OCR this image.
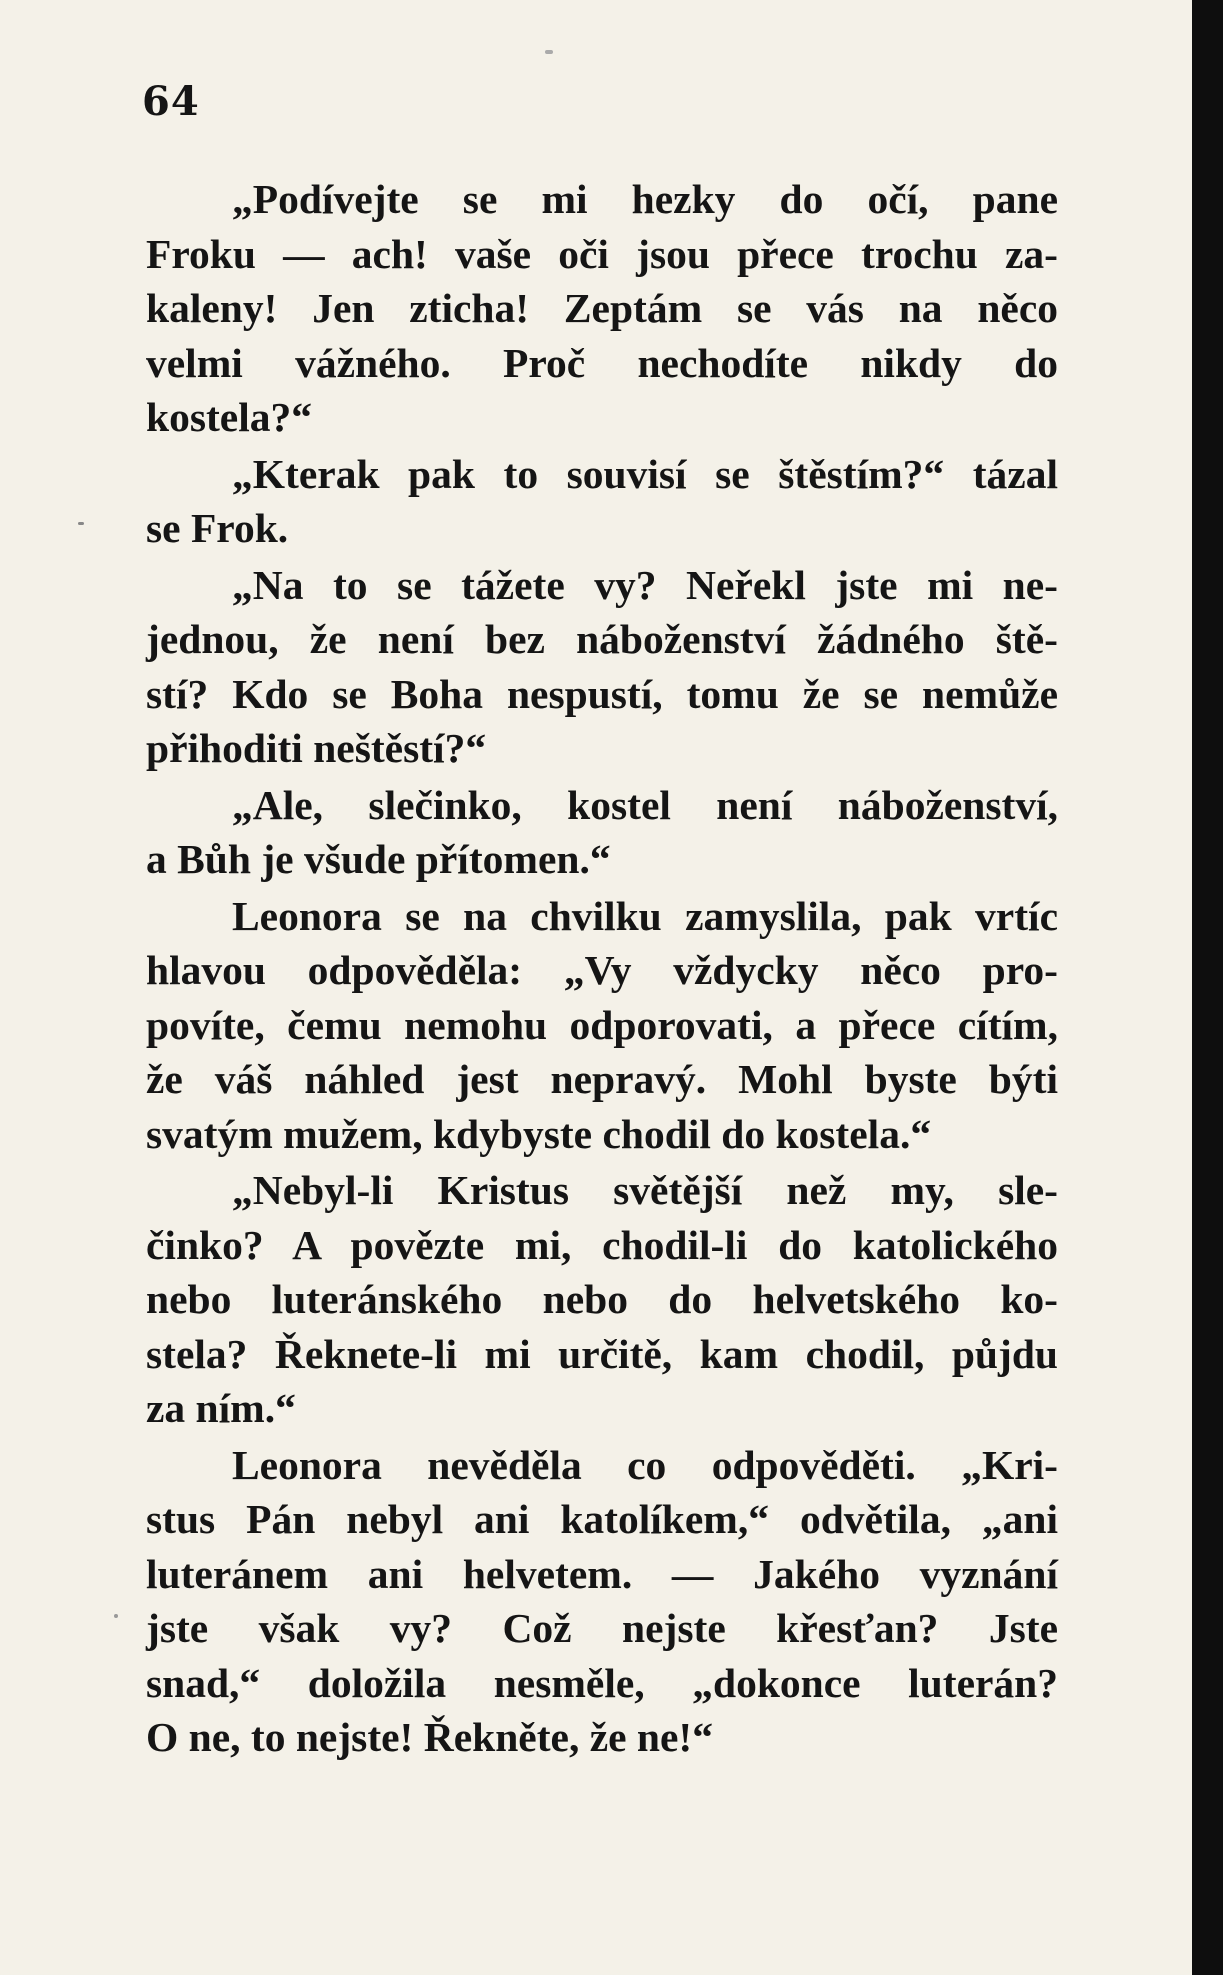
64
„Podívejte se mi hezky do očí, pane
Froku — ach! vaše oči jsou přece trochu za-
kaleny! Jen zticha! Zeptám se vás na něco
velmi vážného. Proč nechodíte nikdy do
kostela?“
„Kterak pak to souvisí se štěstím?“ tázal
se Frok.
„Na to se tážete vy? Neřekl jste mi ne-
jednou, že není bez náboženství žádného ště-
stí? Kdo se Boha nespustí, tomu že se nemůže
přihoditi neštěstí?“
„Ale, slečinko, kostel není náboženství,
a Bůh je všude přítomen.“
Leonora se na chvilku zamyslila, pak vrtíc
hlavou odpověděla: „Vy vždycky něco pro-
povíte, čemu nemohu odporovati, a přece cítím,
že váš náhled jest nepravý. Mohl byste býti
svatým mužem, kdybyste chodil do kostela.“
„Nebyl-li Kristus světější než my, sle-
činko? A povězte mi, chodil-li do katolického
nebo luteránského nebo do helvetského ko-
stela? Řeknete-li mi určitě, kam chodil, půjdu
za ním.“
Leonora nevěděla co odpověděti. „Kri-
stus Pán nebyl ani katolíkem,“ odvětila, „ani
luteránem ani helvetem. — Jakého vyznání
jste však vy? Což nejste křesťan? Jste
snad,“ doložila nesměle, „dokonce luterán?
O ne, to nejste! Řekněte, že ne!“
